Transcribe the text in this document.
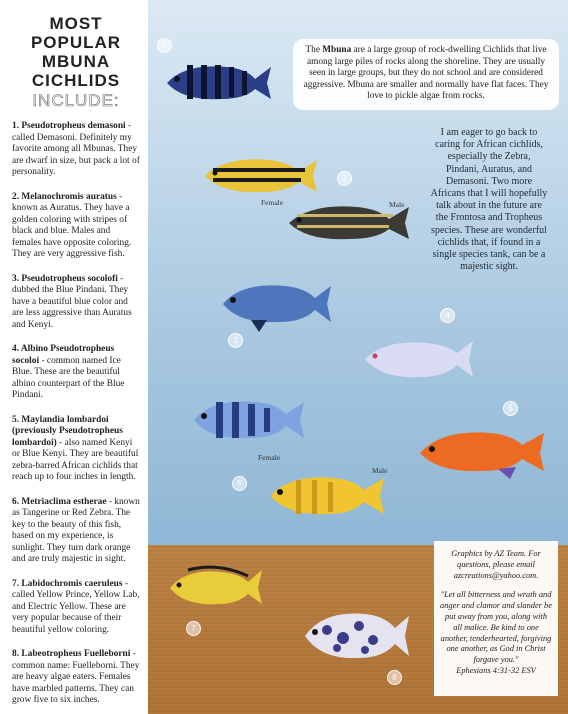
MOST
POPULAR
MBUNA
CICHLIDS
INCLUDE:

1. Pseudotropheus demasoni - called Demasoni. Definitely my favorite among all Mbunas. They are dwarf in size, but pack a lot of personality.

2. Melanochromis auratus - known as Auratus. They have a golden coloring with stripes of black and blue. Males and females have opposite coloring. They are very aggressive fish.

3. Pseudotropheus socolofi - dubbed the Blue Pindani. They have a beautiful blue color and are less aggressive than Auratus and Kenyi.

4. Albino Pseudotropheus socoloi - common named Ice Blue. These are the beautiful albino counterpart of the Blue Pindani.

5. Maylandia lombardoi (previously Pseudotropheus lombardoi) - also named Kenyi or Blue Kenyi. They are beautiful zebra-barred African cichlids that reach up to four inches in length.

6. Metriaclima estherae - known as Tangerine or Red Zebra. The key to the beauty of this fish, based on my experience, is sunlight. They turn dark orange and are truly majestic in sight.

7. Labidochromis caeruleus - called Yellow Prince, Yellow Lab, and Electric Yellow. These are very popular because of their beautiful yellow coloring.

8. Labeotropheus Fuelleborni - common name: Fuelleborni. They are heavy algae eaters. Females have marbled patterns. They can grow five to six inches.

The Mbuna are a large group of rock-dwelling Cichlids that live among large piles of rocks along the shoreline. They are usually seen in large groups, but they do not school and are considered aggressive. Mbuna are smaller and normally have flat faces. They love to pickle algae from rocks.
I am eager to go back to caring for African cichlids, especially the Zebra, Pindani, Auratus, and Demasoni. Two more Africans that I will hopefully talk about in the future are the Frontosa and Tropheus species. These are wonderful cichlids that, if found in a single species tank, can be a majestic sight.

Graphics by AZ Team. For questions, please email azcreations@yahoo.com.

"Let all bitterness and wrath and anger and clamor and slander be put away from you, along with all malice. Be kind to one another, tenderhearted, forgiving one another, as God in Christ forgave you."

Ephesians 4:31-32 ESV

1
2
3
4
5
6
7
8
Female	Male
Female
Male
